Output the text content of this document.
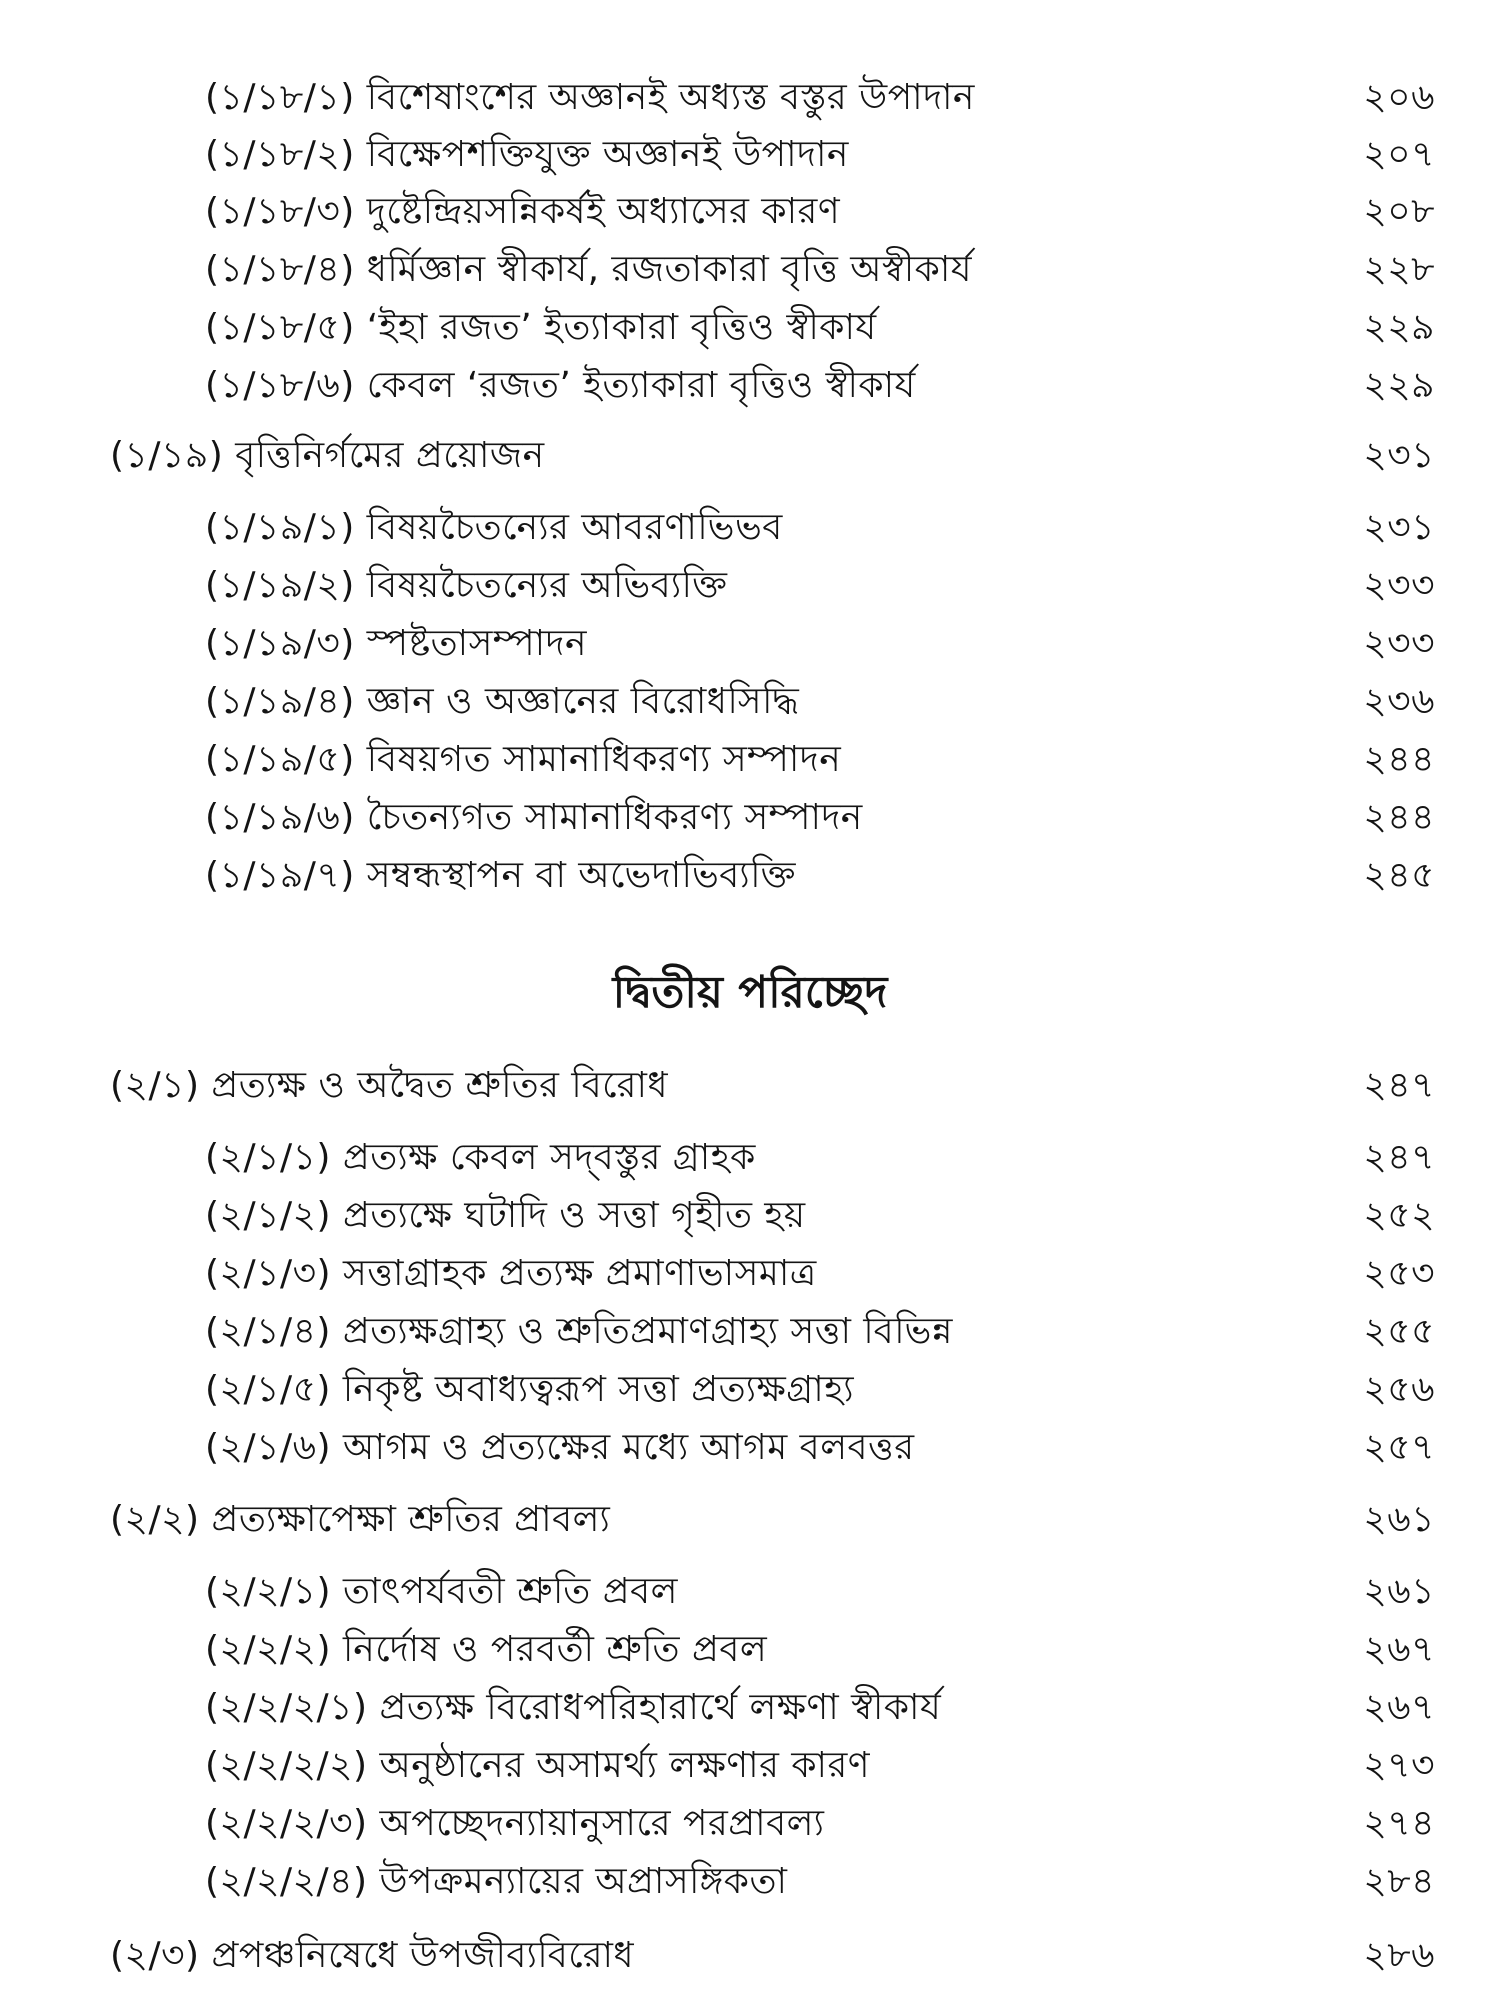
(১/১৮/১) বিশেষাংশের অজ্ঞানই অধ্যস্ত বস্তুর উপাদান	২০৬
(১/১৮/২) বিক্ষেপশক্তিযুক্ত অজ্ঞানই উপাদান	২০৭
(১/১৮/৩) দুষ্টেন্দ্রিয়সন্নিকর্ষই অধ্যাসের কারণ	২০৮
(১/১৮/৪) ধর্মিজ্ঞান স্বীকার্য, রজতাকারা বৃত্তি অস্বীকার্য	২২৮
(১/১৮/৫) ‘ইহা রজত’ ইত্যাকারা বৃত্তিও স্বীকার্য	২২৯
(১/১৮/৬) কেবল ‘রজত’ ইত্যাকারা বৃত্তিও স্বীকার্য	২২৯
(১/১৯) বৃত্তিনির্গমের প্রয়োজন	২৩১
(১/১৯/১) বিষয়চৈতন্যের আবরণাভিভব	২৩১
(১/১৯/২) বিষয়চৈতন্যের অভিব্যক্তি	২৩৩
(১/১৯/৩) স্পষ্টতাসম্পাদন	২৩৩
(১/১৯/৪) জ্ঞান ও অজ্ঞানের বিরোধসিদ্ধি	২৩৬
(১/১৯/৫) বিষয়গত সামানাধিকরণ্য সম্পাদন	২৪৪
(১/১৯/৬) চৈতন্যগত সামানাধিকরণ্য সম্পাদন	২৪৪
(১/১৯/৭) সম্বন্ধস্থাপন বা অভেদাভিব্যক্তি	২৪৫
দ্বিতীয় পরিচ্ছেদ
(২/১) প্রত্যক্ষ ও অদ্বৈত শ্রুতির বিরোধ	২৪৭
(২/১/১) প্রত্যক্ষ কেবল সদ্‌বস্তুর গ্রাহক	২৪৭
(২/১/২) প্রত্যক্ষে ঘটাদি ও সত্তা গৃহীত হয়	২৫২
(২/১/৩) সত্তাগ্রাহক প্রত্যক্ষ প্রমাণাভাসমাত্র	২৫৩
(২/১/৪) প্রত্যক্ষগ্রাহ্য ও শ্রুতিপ্রমাণগ্রাহ্য সত্তা বিভিন্ন	২৫৫
(২/১/৫) নিকৃষ্ট অবাধ্যত্বরূপ সত্তা প্রত্যক্ষগ্রাহ্য	২৫৬
(২/১/৬) আগম ও প্রত্যক্ষের মধ্যে আগম বলবত্তর	২৫৭
(২/২) প্রত্যক্ষাপেক্ষা শ্রুতির প্রাবল্য	২৬১
(২/২/১) তাৎপর্যবতী শ্রুতি প্রবল	২৬১
(২/২/২) নির্দোষ ও পরবর্তী শ্রুতি প্রবল	২৬৭
(২/২/২/১) প্রত্যক্ষ বিরোধপরিহারার্থে লক্ষণা স্বীকার্য	২৬৭
(২/২/২/২) অনুষ্ঠানের অসামর্থ্য লক্ষণার কারণ	২৭৩
(২/২/২/৩) অপচ্ছেদন্যায়ানুসারে পরপ্রাবল্য	২৭৪
(২/২/২/৪) উপক্রমন্যায়ের অপ্রাসঙ্গিকতা	২৮৪
(২/৩) প্রপঞ্চনিষেধে উপজীব্যবিরোধ	২৮৬
